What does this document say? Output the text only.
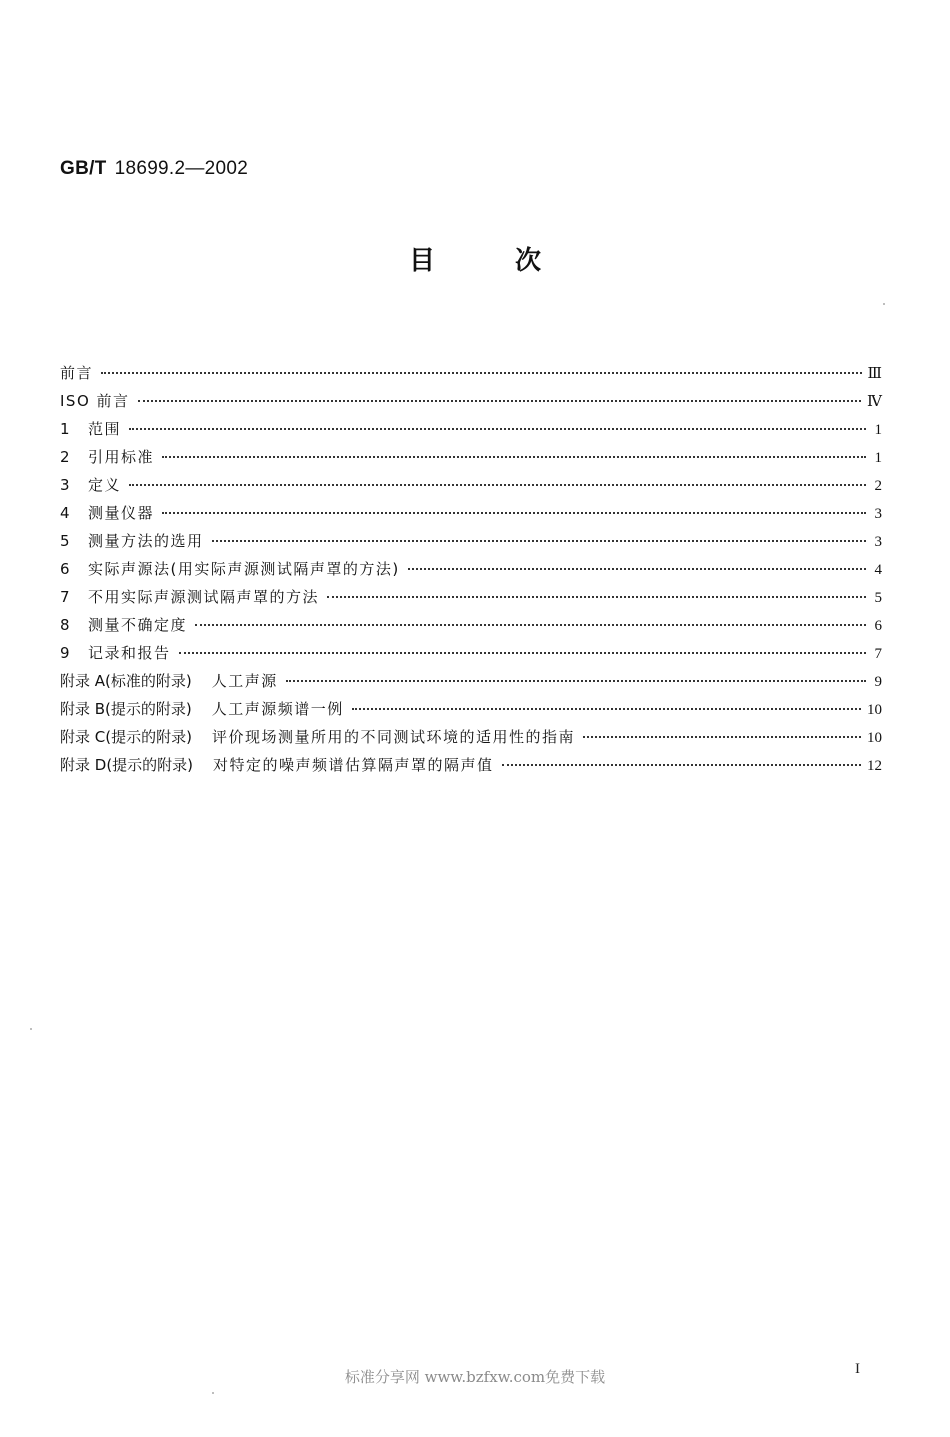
GB/T 18699.2—2002
目次
前言	Ⅲ
ISO 前言	Ⅳ
1	范围	1
2	引用标准	1
3	定义	2
4	测量仪器	3
5	测量方法的选用	3
6	实际声源法(用实际声源测试隔声罩的方法)	4
7	不用实际声源测试隔声罩的方法	5
8	测量不确定度	6
9	记录和报告	7
附录 A(标准的附录) 人工声源	9
附录 B(提示的附录) 人工声源频谱一例	10
附录 C(提示的附录) 评价现场测量所用的不同测试环境的适用性的指南	10
附录 D(提示的附录) 对特定的噪声频谱估算隔声罩的隔声值	12
标准分享网 www.bzfxw.com免费下载	I
